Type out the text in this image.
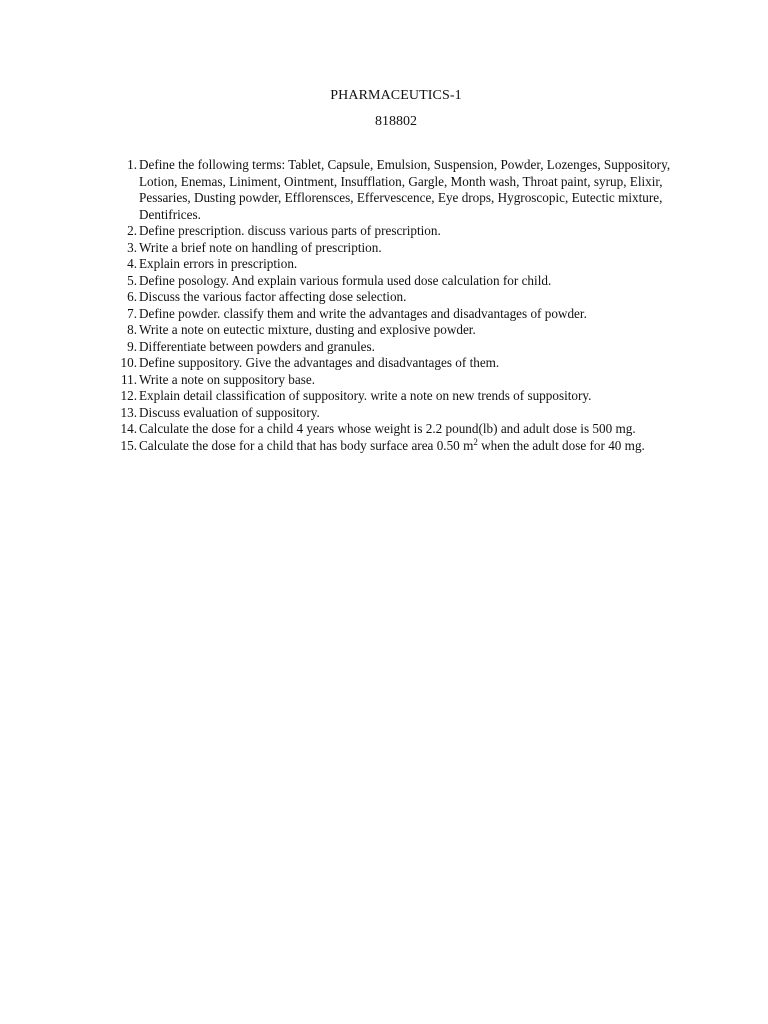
PHARMACEUTICS-1
818802
1. Define the following terms: Tablet, Capsule, Emulsion, Suspension, Powder, Lozenges, Suppository, Lotion, Enemas, Liniment, Ointment, Insufflation, Gargle, Month wash, Throat paint, syrup, Elixir, Pessaries, Dusting powder, Efflorensces, Effervescence, Eye drops, Hygroscopic, Eutectic mixture, Dentifrices.
2. Define prescription. discuss various parts of prescription.
3. Write a brief note on handling of prescription.
4. Explain errors in prescription.
5. Define posology. And explain various formula used dose calculation for child.
6. Discuss the various factor affecting dose selection.
7. Define powder. classify them and write the advantages and disadvantages of powder.
8. Write a note on eutectic mixture, dusting and explosive powder.
9. Differentiate between powders and granules.
10. Define suppository. Give the advantages and disadvantages of them.
11. Write a note on suppository base.
12. Explain detail classification of suppository. write a note on new trends of suppository.
13. Discuss evaluation of suppository.
14. Calculate the dose for a child 4 years whose weight is 2.2 pound(lb) and adult dose is 500 mg.
15. Calculate the dose for a child that has body surface area 0.50 $m^2$ when the adult dose for 40 mg.
